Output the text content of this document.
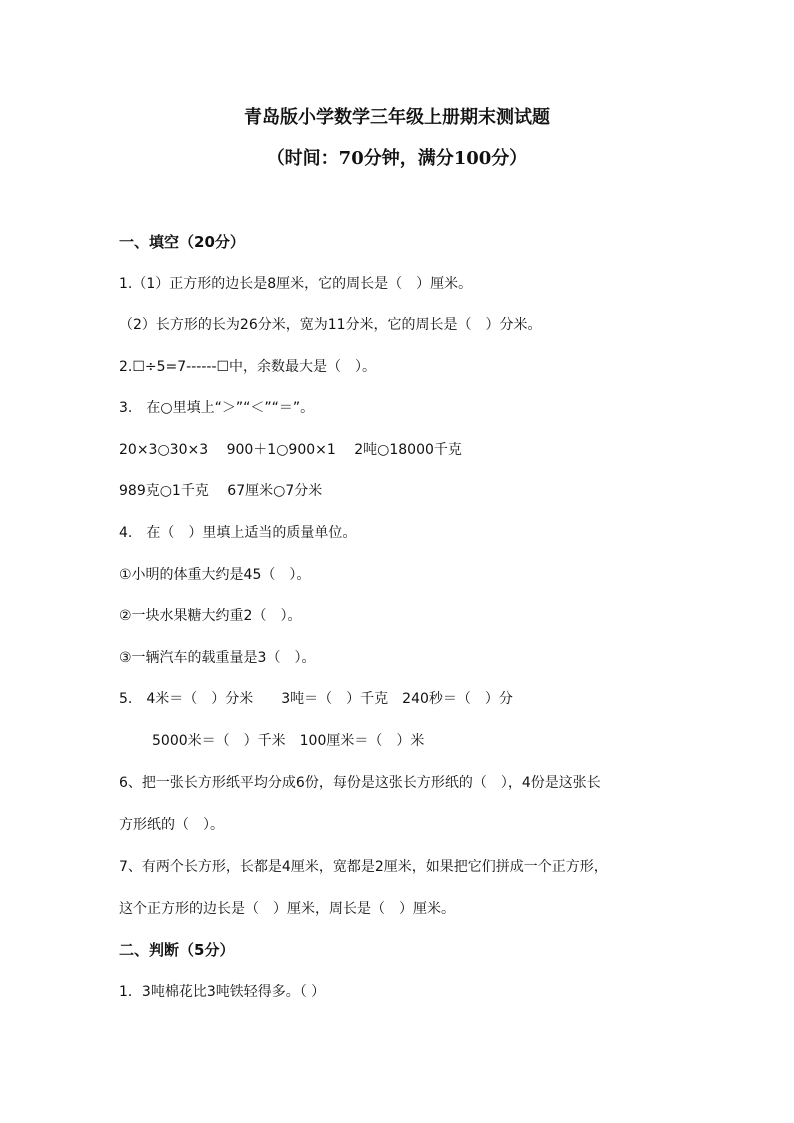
青岛版小学数学三年级上册期末测试题
（时间：70分钟，满分100分）
一、填空（20分）
1.（1）正方形的边长是8厘米，它的周长是（　）厘米。
（2）长方形的长为26分米，宽为11分米，它的周长是（　）分米。
2.☐÷5=7------☐中，余数最大是（　）。
3.　在○里填上“＞”“＜”“＝”。
20×3○30×3　 900＋1○900×1　 2吨○18000千克
989克○1千克　 67厘米○7分米
4.　在（　）里填上适当的质量单位。
①小明的体重大约是45（　）。
②一块水果糖大约重2（　）。
③一辆汽车的载重量是3（　）。
5.　4米＝（　）分米　　3吨＝（　）千克　240秒＝（　）分
5000米＝（　）千米　100厘米＝（　）米
6、把一张长方形纸平均分成6份，每份是这张长方形纸的（　），4份是这张长
方形纸的（　）。
7、有两个长方形，长都是4厘米，宽都是2厘米，如果把它们拼成一个正方形，
这个正方形的边长是（　）厘米，周长是（　）厘米。
二、判断（5分）
1．3吨棉花比3吨铁轻得多。（ ）
